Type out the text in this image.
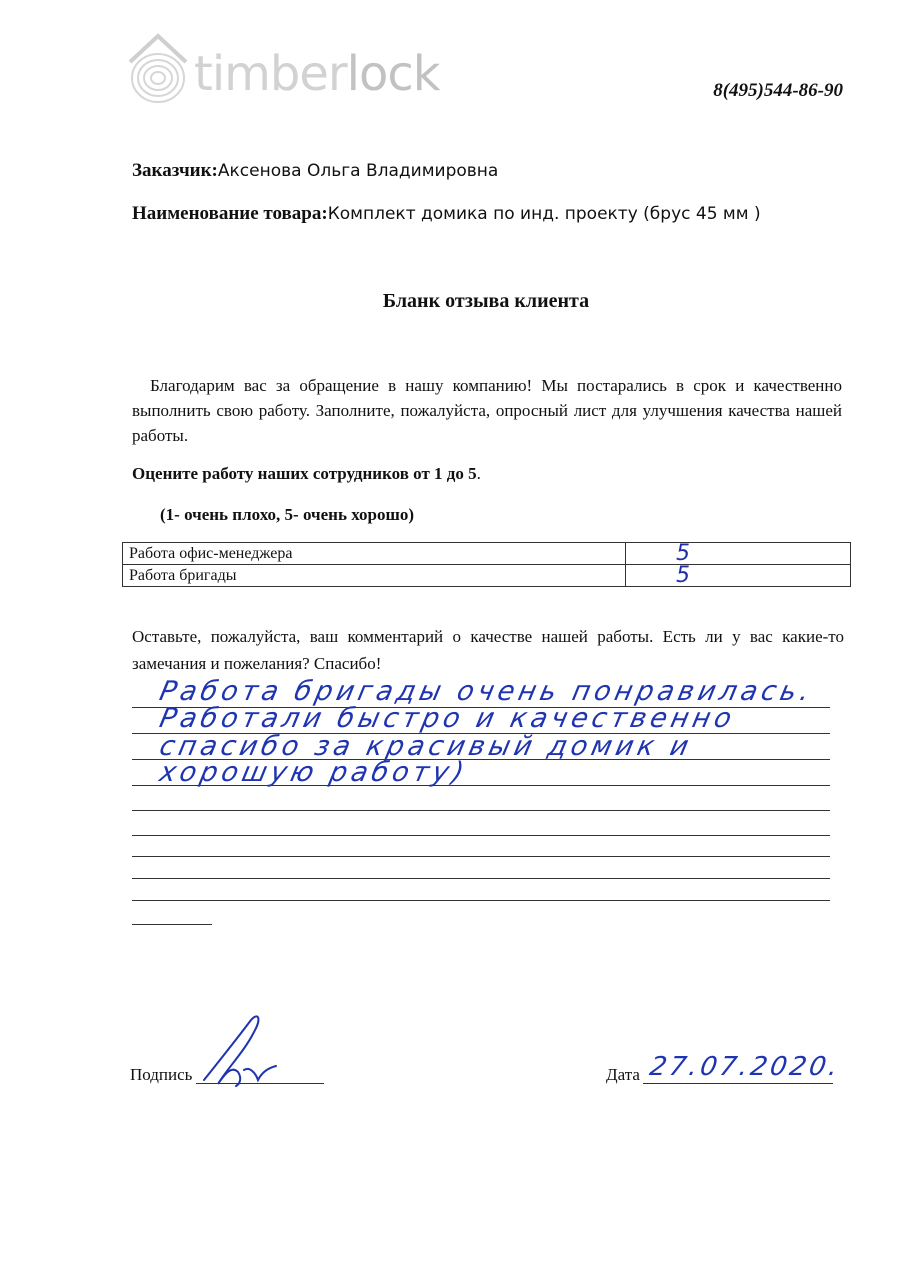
timberlock	8(495)544-86-90
Заказчик:Аксенова Ольга Владимировна
Наименование товара:Комплект домика по инд. проекту (брус 45 мм )
Бланк отзыва клиента
Благодарим вас за обращение в нашу компанию! Мы постарались в срок и качественно выполнить свою работу. Заполните, пожалуйста, опросный лист для улучшения качества нашей работы.
Оцените работу наших сотрудников от 1 до 5.
(1- очень плохо, 5- очень хорошо)
Работа офис-менеджера	5
Работа бригады	5
Оставьте, пожалуйста, ваш комментарий о качестве нашей работы. Есть ли у вас какие-то замечания и пожелания? Спасибо!
Работа бригады очень понравилась.
Работали быстро и качественно
спасибо за красивый домик и
хорошую работу)
Подпись	Дата 27.07.2020.
